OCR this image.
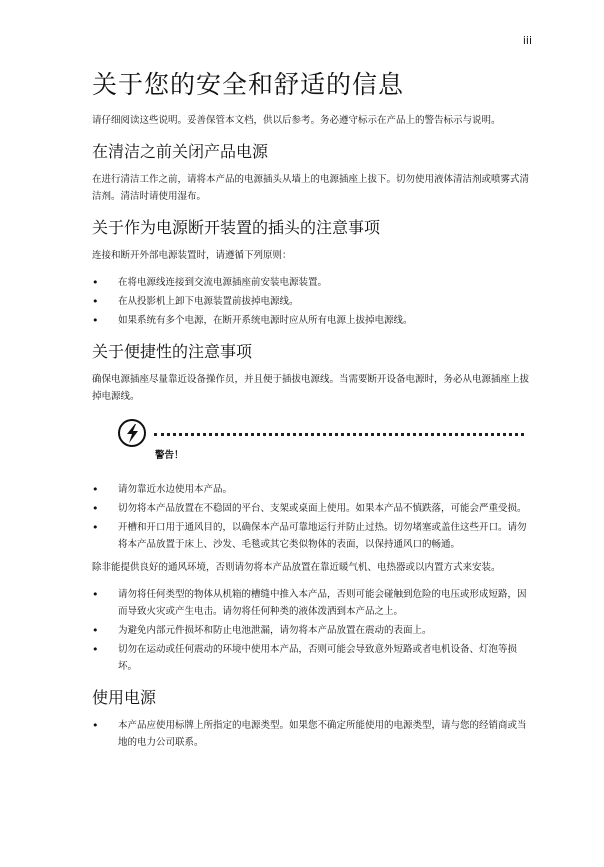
iii
关于您的安全和舒适的信息

请仔细阅读这些说明。妥善保管本文档，供以后参考。务必遵守标示在产品上的警告标示与说明。

在清洁之前关闭产品电源

在进行清洁工作之前，请将本产品的电源插头从墙上的电源插座上拔下。切勿使用液体清洁剂或喷雾式清洁剂。清洁时请使用湿布。

关于作为电源断开装置的插头的注意事项

连接和断开外部电源装置时，请遵循下列原则：

• 在将电源线连接到交流电源插座前安装电源装置。
• 在从投影机上卸下电源装置前拔掉电源线。
• 如果系统有多个电源，在断开系统电源时应从所有电源上拔掉电源线。
关于便捷性的注意事项

确保电源插座尽量靠近设备操作员，并且便于插拔电源线。当需要断开设备电源时，务必从电源插座上拔掉电源线。

警告！
• 请勿靠近水边使用本产品。
• 切勿将本产品放置在不稳固的平台、支架或桌面上使用。如果本产品不慎跌落，可能会严重受损。
• 开槽和开口用于通风目的，以确保本产品可靠地运行并防止过热。切勿堵塞或盖住这些开口。请勿将本产品放置于床上、沙发、毛毯或其它类似物体的表面，以保持通风口的畅通。

除非能提供良好的通风环境，否则请勿将本产品放置在靠近暖气机、电热器或以内置方式来安装。

• 请勿将任何类型的物体从机箱的槽缝中推入本产品，否则可能会碰触到危险的电压或形成短路，因而导致火灾或产生电击。请勿将任何种类的液体泼洒到本产品之上。
• 为避免内部元件损坏和防止电池泄漏，请勿将本产品放置在震动的表面上。
• 切勿在运动或任何震动的环境中使用本产品，否则可能会导致意外短路或者电机设备、灯泡等损坏。
使用电源
• 本产品应使用标牌上所指定的电源类型。如果您不确定所能使用的电源类型，请与您的经销商或当地的电力公司联系。
